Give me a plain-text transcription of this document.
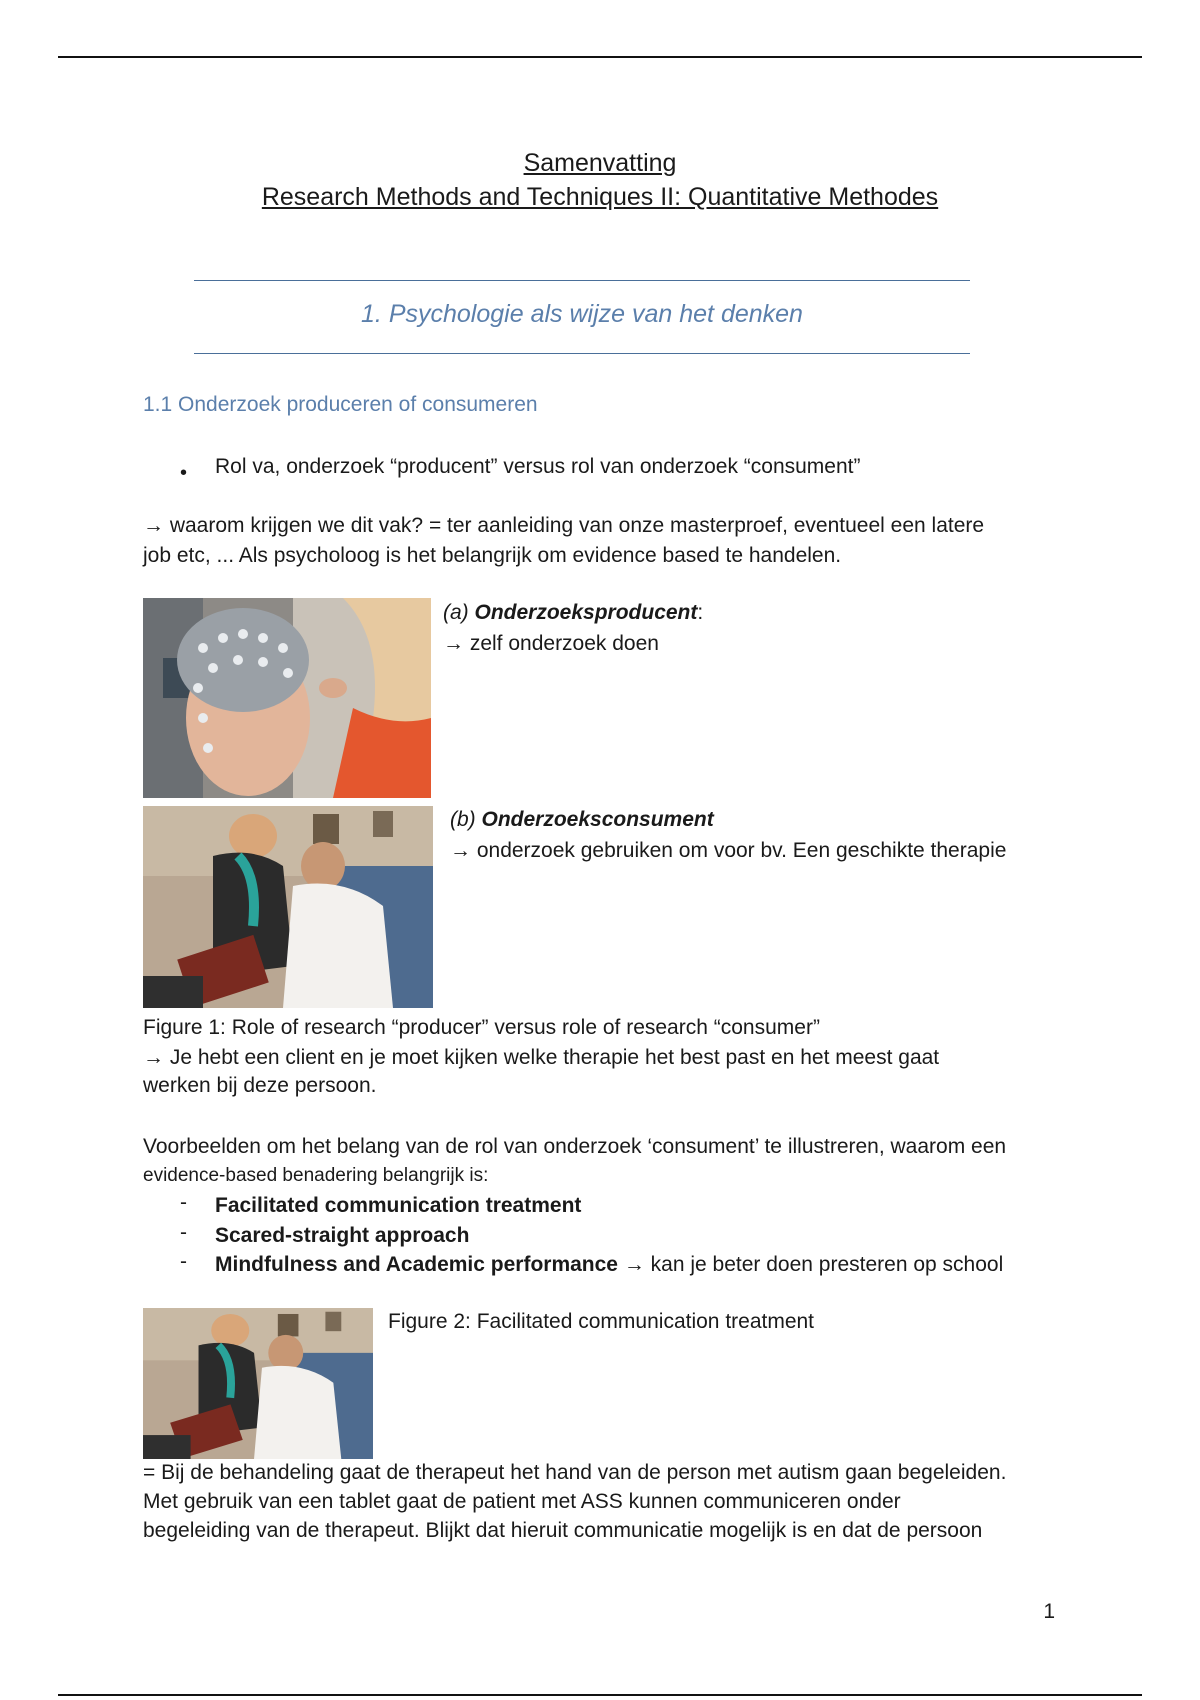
Samenvatting
Research Methods and Techniques II: Quantitative Methodes
1. Psychologie als wijze van het denken
1.1 Onderzoek produceren of consumeren
• Rol va, onderzoek “producent” versus rol van onderzoek “consument”
→ waarom krijgen we dit vak? = ter aanleiding van onze masterproef, eventueel een latere
job etc, ... Als psycholoog is het belangrijk om evidence based te handelen.
(a) Onderzoeksproducent:
→ zelf onderzoek doen
(b) Onderzoeksconsument
→ onderzoek gebruiken om voor bv. Een geschikte therapie
Figure 1: Role of research “producer” versus role of research “consumer”
→ Je hebt een client en je moet kijken welke therapie het best past en het meest gaat
werken bij deze persoon.
Voorbeelden om het belang van de rol van onderzoek ‘consument’ te illustreren, waarom een
evidence-based benadering belangrijk is:
- Facilitated communication treatment
- Scared-straight approach
- Mindfulness and Academic performance → kan je beter doen presteren op school
Figure 2: Facilitated communication treatment
= Bij de behandeling gaat de therapeut het hand van de person met autism gaan begeleiden.
Met gebruik van een tablet gaat de patient met ASS kunnen communiceren onder
begeleiding van de therapeut. Blijkt dat hieruit communicatie mogelijk is en dat de persoon
1
